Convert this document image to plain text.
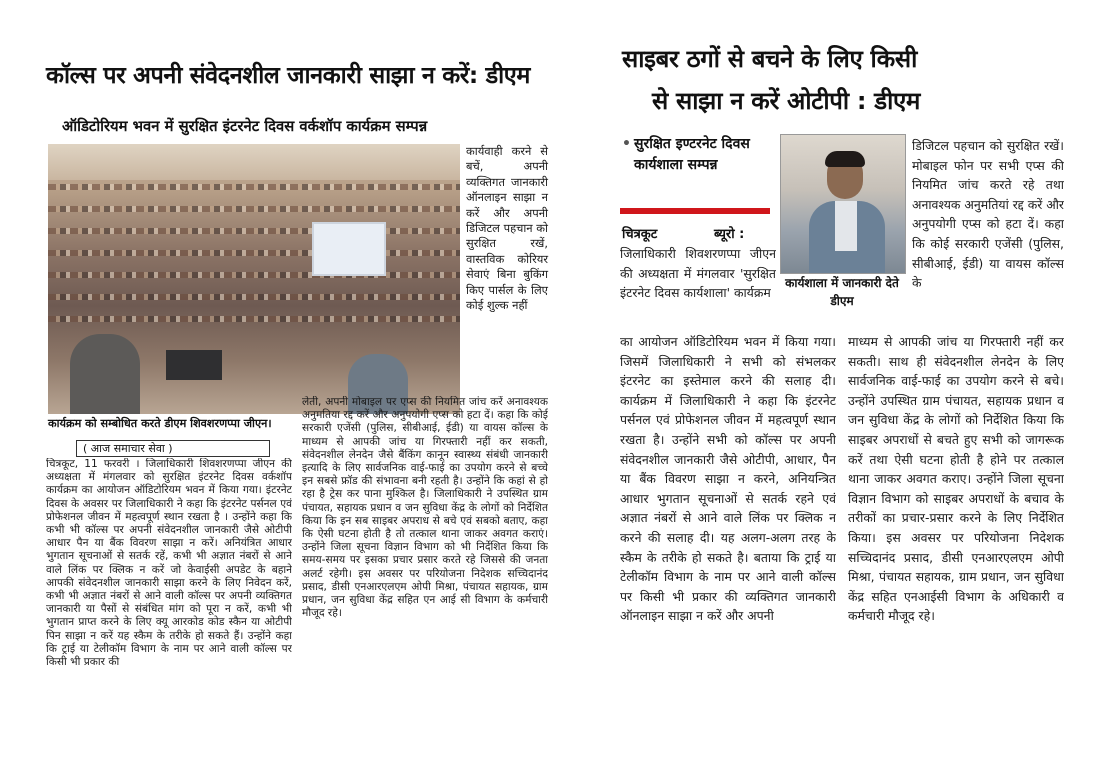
कॉल्स पर अपनी संवेदनशील जानकारी साझा न करें: डीएम
ऑडिटोरियम भवन में सुरक्षित इंटरनेट दिवस वर्कशॉप कार्यक्रम सम्पन्न
कार्यक्रम को सम्बोधित करते डीएम शिवशरणप्पा जीएन।
कार्यवाही करने से बचें, अपनी व्यक्तिगत जानकारी ऑनलाइन साझा न करें और अपनी डिजिटल पहचान को सुरक्षित रखें, वास्तविक कोरियर सेवाएं बिना बुकिंग किए पार्सल के लिए कोई शुल्क नहीं
( आज समाचार सेवा )
चित्रकूट, 11 फरवरी । जिलाधिकारी शिवशरणप्पा जीएन की अध्यक्षता में मंगलवार को सुरक्षित इंटरनेट दिवस वर्कशॉप कार्यक्रम का आयोजन ऑडिटोरियम भवन में किया गया। इंटरनेट दिवस के अवसर पर जिलाधिकारी ने कहा कि इंटरनेट पर्सनल एवं प्रोफेशनल जीवन में महत्वपूर्ण स्थान रखता है । उन्होंने कहा कि कभी भी कॉल्स पर अपनी संवेदनशील जानकारी जैसे ओटीपी आधार पैन या बैंक विवरण साझा न करें। अनियंत्रित आधार भुगतान सूचनाओं से सतर्क रहें, कभी भी अज्ञात नंबरों से आने वाले लिंक पर क्लिक न करें जो केवाईसी अपडेट के बहाने आपकी संवेदनशील जानकारी साझा करने के लिए निवेदन करें, कभी भी अज्ञात नंबरों से आने वाली कॉल्स पर अपनी व्यक्तिगत जानकारी या पैसों से संबंधित मांग को पूरा न करें, कभी भी भुगतान प्राप्त करने के लिए क्यू आरकोड कोड स्कैन या ओटीपी पिन साझा न करें यह स्कैम के तरीके हो सकते हैं। उन्होंने कहा कि ट्राई या टेलीकॉम विभाग के नाम पर आने वाली कॉल्स पर किसी भी प्रकार की
लेती, अपनी मोबाइल पर एप्स की नियमित जांच करें अनावश्यक अनुमतिया रद्द करें और अनुपयोगी एप्स को हटा दें। कहा कि कोई सरकारी एजेंसी (पुलिस, सीबीआई, ईडी) या वायस कॉल्स के माध्यम से आपकी जांच या गिरफ्तारी नहीं कर सकती, संवेदनशील लेनदेन जैसे बैंकिंग कानून स्वास्थ्य संबंधी जानकारी इत्यादि के लिए सार्वजनिक वाई-फाई का उपयोग करने से बच्चे इन सबसे फ्रॉड की संभावना बनी रहती है। उन्होंने कि कहां से हो रहा है ट्रेस कर पाना मुश्किल है। जिलाधिकारी ने उपस्थित ग्राम पंचायत, सहायक प्रधान व जन सुविधा केंद्र के लोगों को निर्देशित किया कि इन सब साइबर अपराध से बचे एवं सबको बताए, कहा कि ऐसी घटना होती है तो तत्काल थाना जाकर अवगत कराएं। उन्होंने जिला सूचना विज्ञान विभाग को भी निर्देशित किया कि समय-समय पर इसका प्रचार प्रसार करते रहे जिससे की जनता अलर्ट रहेगी। इस अवसर पर परियोजना निदेशक सच्चिदानंद प्रसाद, डीसी एनआरएलएम ओपी मिश्रा, पंचायत सहायक, ग्राम प्रधान, जन सुविधा केंद्र सहित एन आई सी विभाग के कर्मचारी मौजूद रहे।
साइबर ठगों से बचने के लिए किसी
से साझा न करें ओटीपी : डीएम
• सुरक्षित इण्टरनेट दिवस कार्यशाला सम्पन्न
कार्यशाला में जानकारी देते डीएम
चित्रकूट	ब्यूरो :
जिलाधिकारी शिवशरणप्पा जीएन की अध्यक्षता में मंगलवार 'सुरक्षित इंटरनेट दिवस कार्यशाला' कार्यक्रम
का आयोजन ऑडिटोरियम भवन में किया गया। जिसमें जिलाधिकारी ने सभी को संभलकर इंटरनेट का इस्तेमाल करने की सलाह दी। कार्यक्रम में जिलाधिकारी ने कहा कि इंटरनेट पर्सनल एवं प्रोफेशनल जीवन में महत्वपूर्ण स्थान रखता है। उन्होंने सभी को कॉल्स पर अपनी संवेदनशील जानकारी जैसे ओटीपी, आधार, पैन या बैंक विवरण साझा न करने, अनियन्त्रित आधार भुगतान सूचनाओं से सतर्क रहने एवं अज्ञात नंबरों से आने वाले लिंक पर क्लिक न करने की सलाह दी। यह अलग-अलग तरह के स्कैम के तरीके हो सकते है। बताया कि ट्राई या टेलीकॉम विभाग के नाम पर आने वाली कॉल्स पर किसी भी प्रकार की व्यक्तिगत जानकारी ऑनलाइन साझा न करें और अपनी
डिजिटल पहचान को सुरक्षित रखें। मोबाइल फोन पर सभी एप्स की नियमित जांच करते रहे तथा अनावश्यक अनुमतियां रद्द करें और अनुपयोगी एप्स को हटा दें। कहा कि कोई सरकारी एजेंसी (पुलिस, सीबीआई, ईडी) या वायस कॉल्स के
माध्यम से आपकी जांच या गिरफ्तारी नहीं कर सकती। साथ ही संवेदनशील लेनदेन के लिए सार्वजनिक वाई-फाई का उपयोग करने से बचे। उन्होंने उपस्थित ग्राम पंचायत, सहायक प्रधान व जन सुविधा केंद्र के लोगों को निर्देशित किया कि साइबर अपराधों से बचते हुए सभी को जागरूक करें तथा ऐसी घटना होती है होने पर तत्काल थाना जाकर अवगत कराए। उन्होंने जिला सूचना विज्ञान विभाग को साइबर अपराधों के बचाव के तरीकों का प्रचार-प्रसार करने के लिए निर्देशित किया। इस अवसर पर परियोजना निदेशक सच्चिदानंद प्रसाद, डीसी एनआरएलएम ओपी मिश्रा, पंचायत सहायक, ग्राम प्रधान, जन सुविधा केंद्र सहित एनआईसी विभाग के अधिकारी व कर्मचारी मौजूद रहे।
